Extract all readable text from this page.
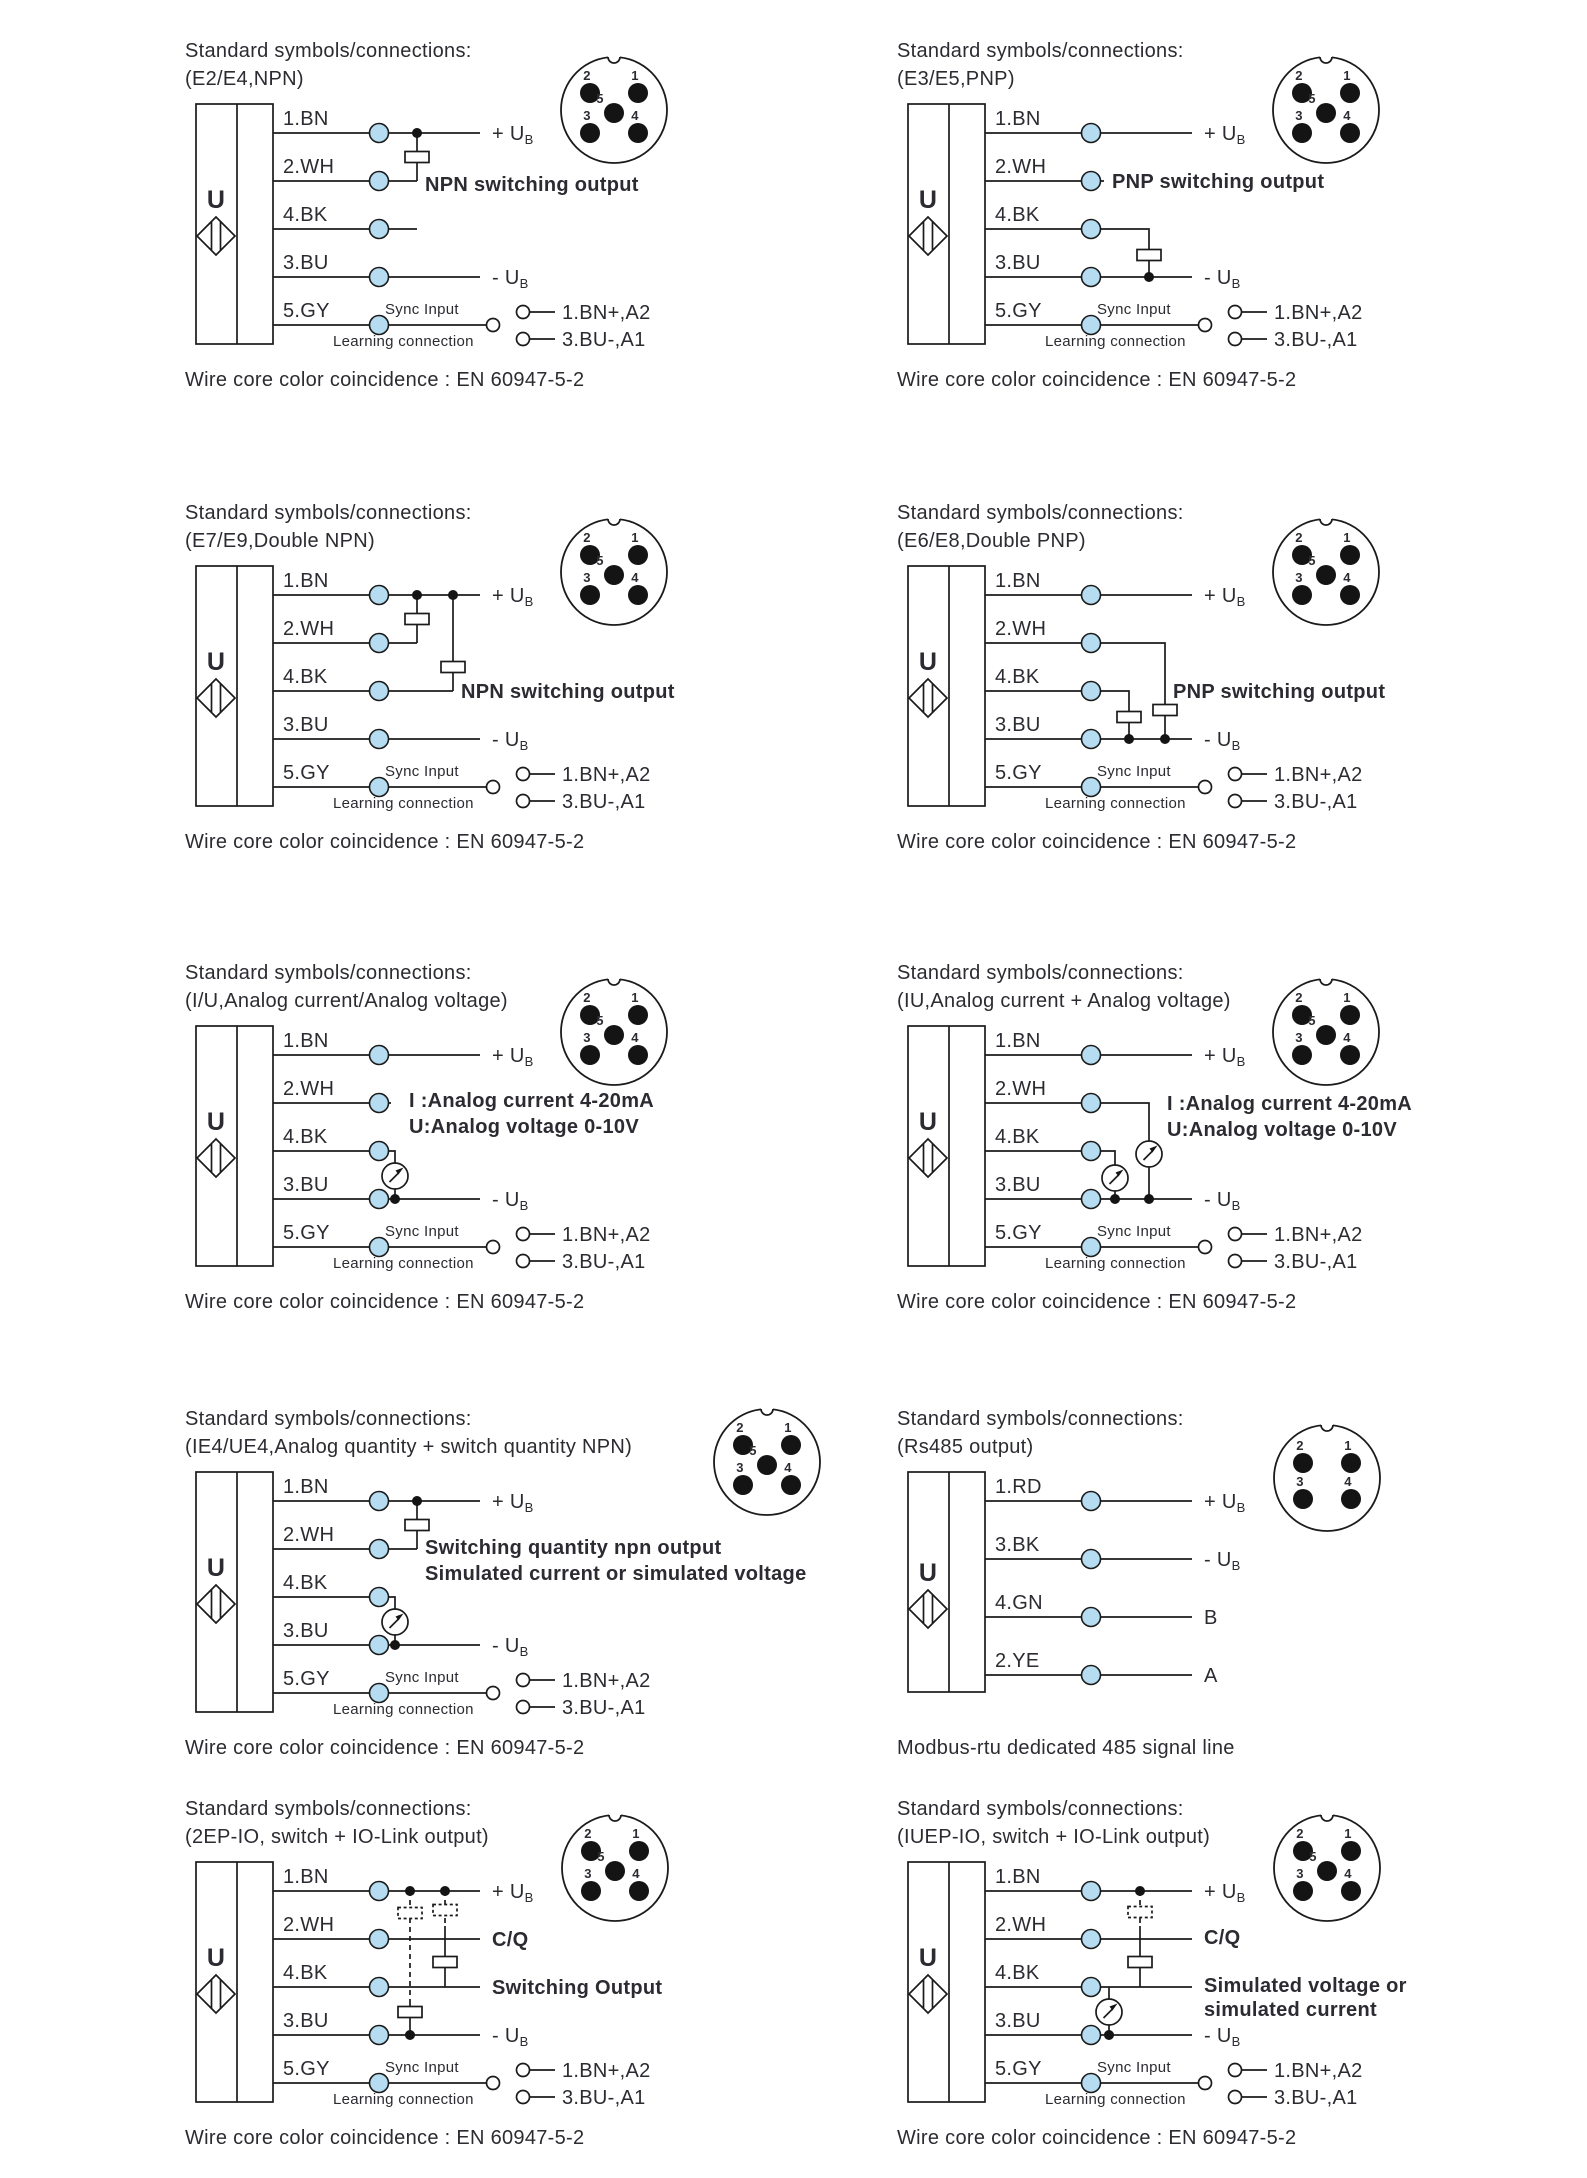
1.BN
2.WH
NPN switching output
4.BK
3.BU
5.GY
Standard symbols/connections:
(E2/E4,NPN)
Wire core color coincidence : EN 60947-5-2
1.BN
2.WH
PNP switching output
4.BK
3.BU
5.GY
Standard symbols/connections:
(E3/E5,PNP)
Wire core color coincidence : EN 60947-5-2
1.BN
2.WH
4.BK
NPN switching output
3.BU
5.GY
Standard symbols/connections:
(E7/E9,Double NPN)
Wire core color coincidence : EN 60947-5-2
1.BN
2.WH
4.BK
PNP switching output
3.BU
5.GY
Standard symbols/connections:
(E6/E8,Double PNP)
Wire core color coincidence : EN 60947-5-2
1.BN
2.WH
I :Analog current 4-20mA
U:Analog voltage 0-10V
4.BK
3.BU
5.GY
Standard symbols/connections:
(I/U,Analog current/Analog voltage)
Wire core color coincidence : EN 60947-5-2
1.BN
2.WH
I :Analog current 4-20mA
U:Analog voltage 0-10V
4.BK
3.BU
5.GY
Standard symbols/connections:
(IU,Analog current + Analog voltage)
Wire core color coincidence : EN 60947-5-2
1.BN
2.WH
Switching quantity npn output
Simulated current or simulated voltage
4.BK
3.BU
5.GY
Standard symbols/connections:
(IE4/UE4,Analog quantity + switch quantity NPN)
Wire core color coincidence : EN 60947-5-2
1.RD
3.BK
4.GN
B
2.YE
A
Standard symbols/connections:
(Rs485 output)
Modbus-rtu dedicated 485 signal line
1.BN
2.WH
C/Q
4.BK
Switching Output
3.BU
5.GY
Standard symbols/connections:
(2EP-IO, switch + IO-Link output)
Wire core color coincidence : EN 60947-5-2
1.BN
2.WH
C/Q
4.BK
Simulated voltage or
simulated current
3.BU
5.GY
Standard symbols/connections:
(IUEP-IO, switch + IO-Link output)
Wire core color coincidence : EN 60947-5-2
